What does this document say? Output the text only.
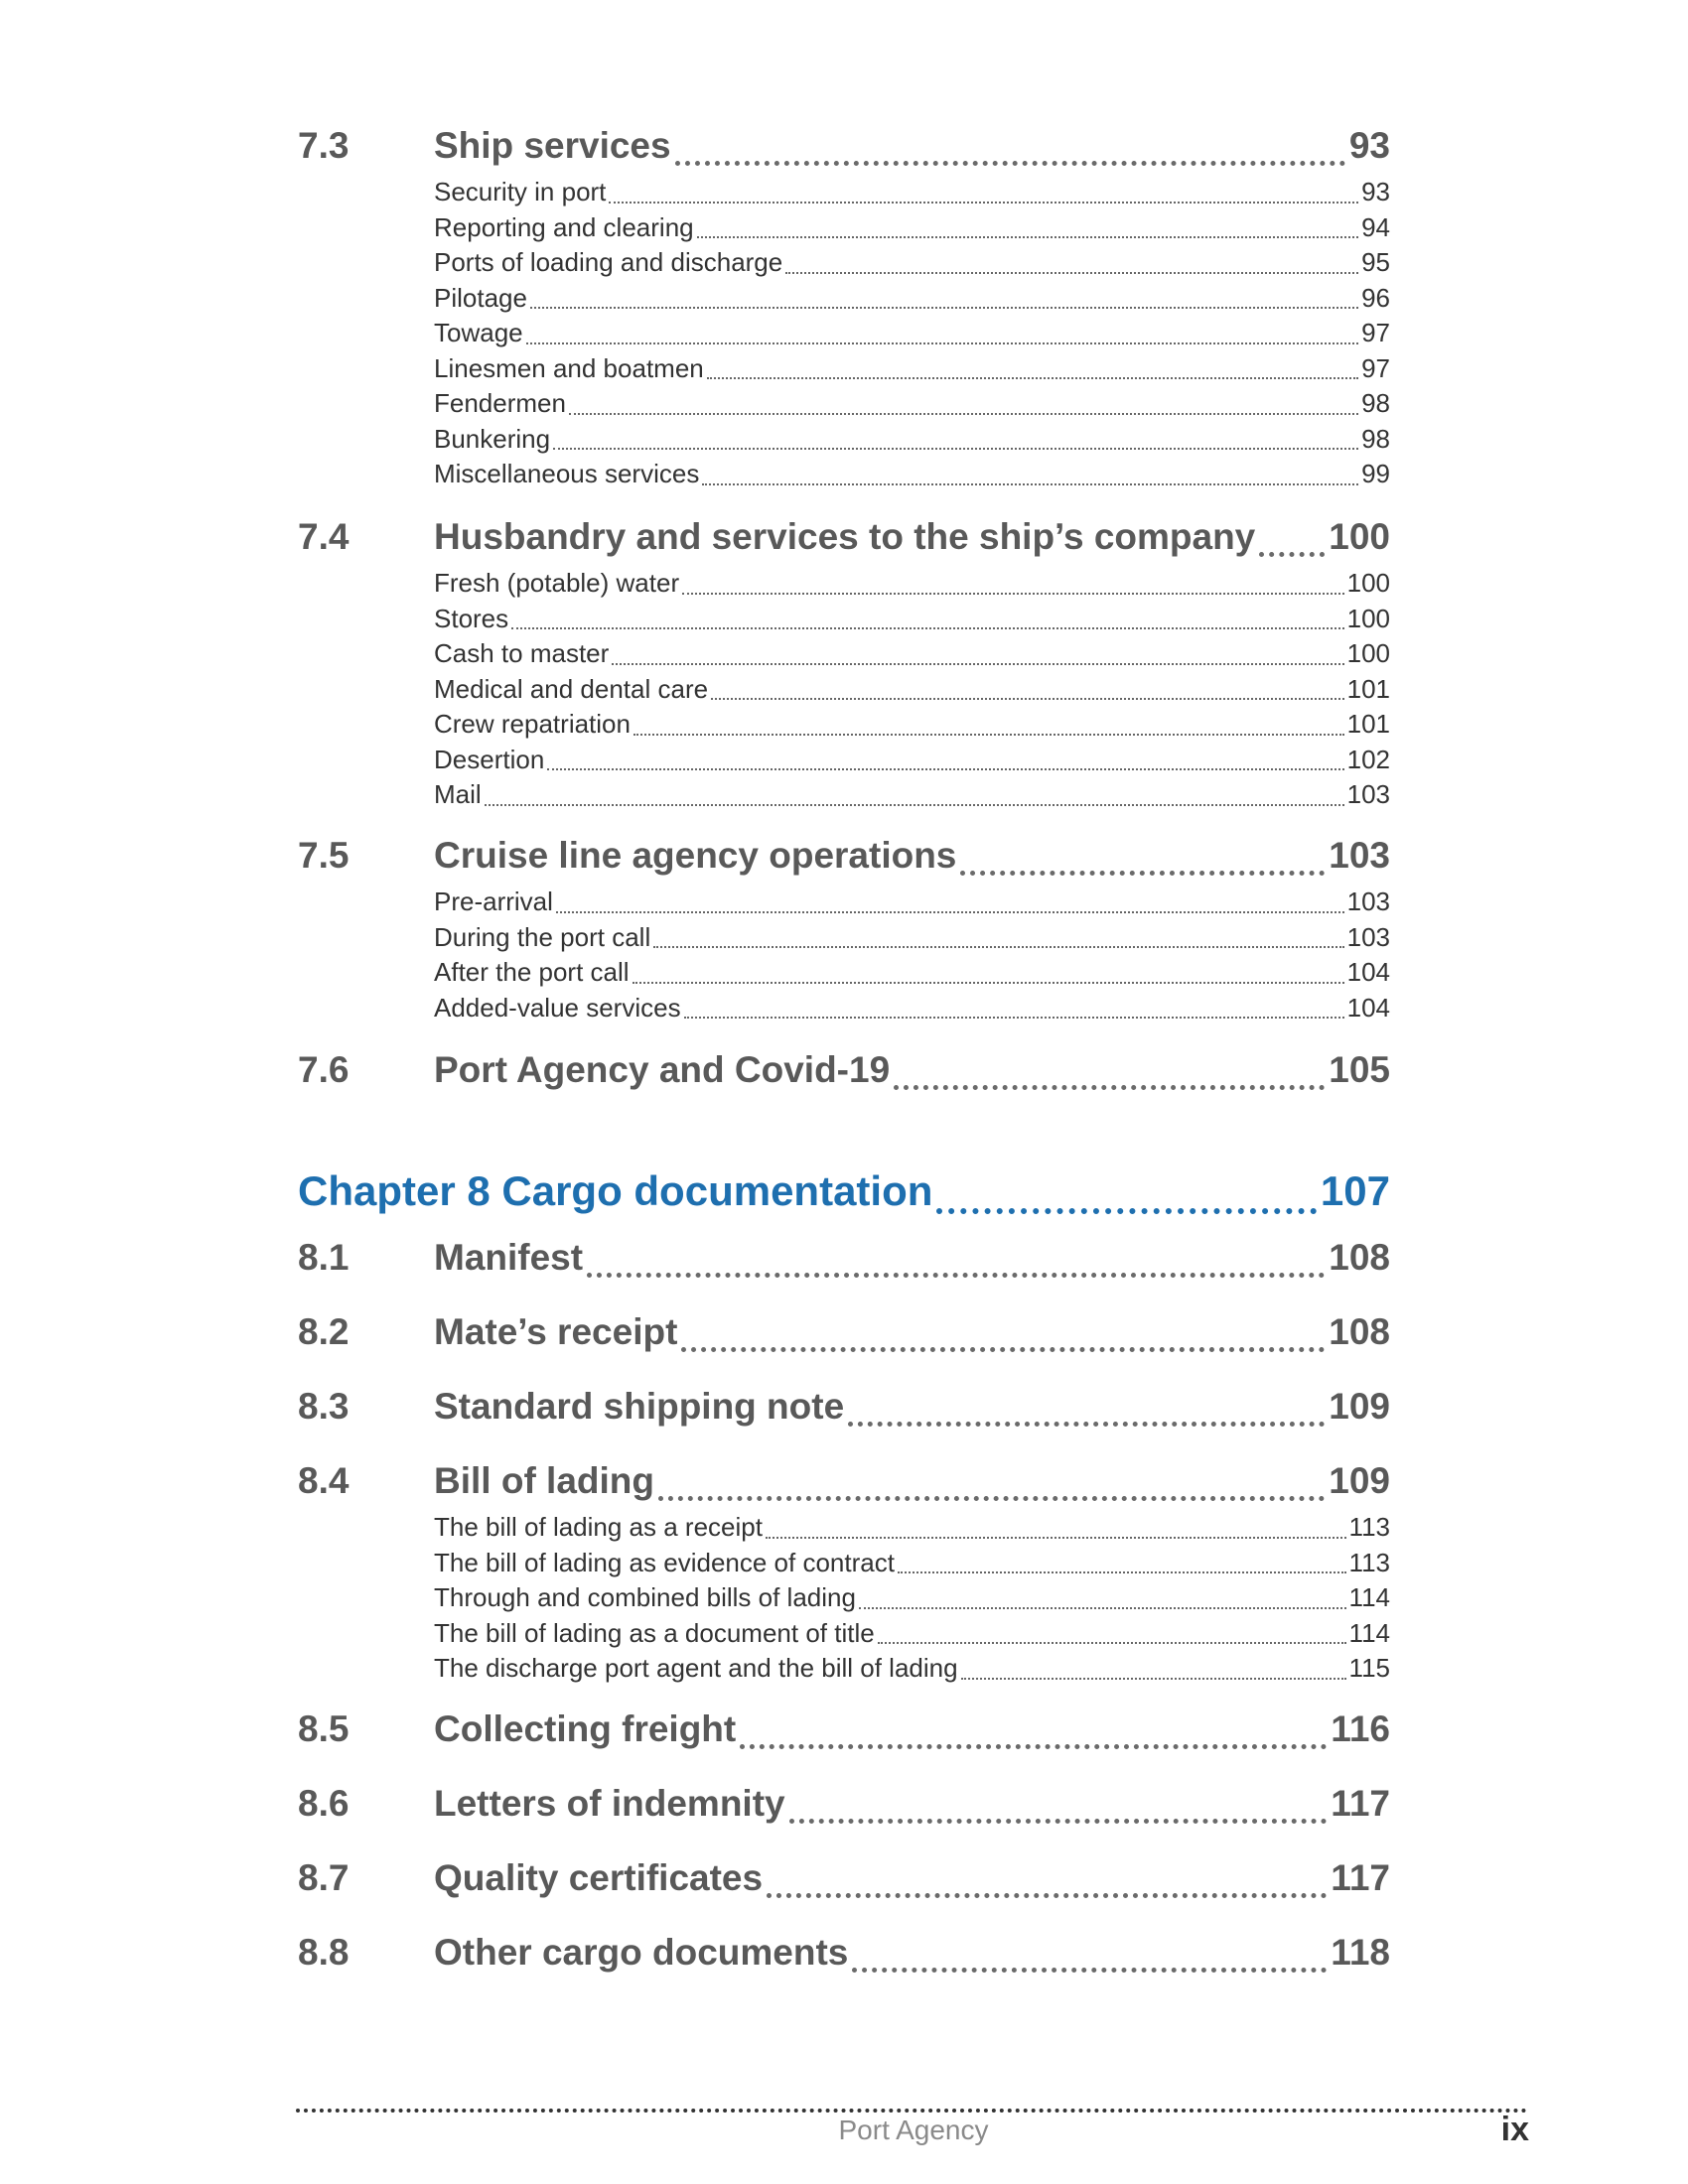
7.3	Ship services	93
Security in port	93
Reporting and clearing	94
Ports of loading and discharge	95
Pilotage	96
Towage	97
Linesmen and boatmen	97
Fendermen	98
Bunkering	98
Miscellaneous services	99
7.4	Husbandry and services to the ship’s company 100
Fresh (potable) water	100
Stores	100
Cash to master	100
Medical and dental care	101
Crew repatriation	101
Desertion	102
Mail	103
7.5	Cruise line agency operations	103
Pre-arrival	103
During the port call	103
After the port call	104
Added-value services	104
7.6	Port Agency and Covid-19	105
8.1	Manifest	108
8.2	Mate’s receipt	108
8.3	Standard shipping note	109
8.4	Bill of lading	109
The bill of lading as a receipt	113
The bill of lading as evidence of contract	113
Through and combined bills of lading	114
The bill of lading as a document of title	114
The discharge port agent and the bill of lading	115
8.5	Collecting freight	116
8.6	Letters of indemnity	117
8.7	Quality certificates	117
8.8	Other cargo documents	118
Chapter 8 Cargo documentation	107
Port Agency	ix
